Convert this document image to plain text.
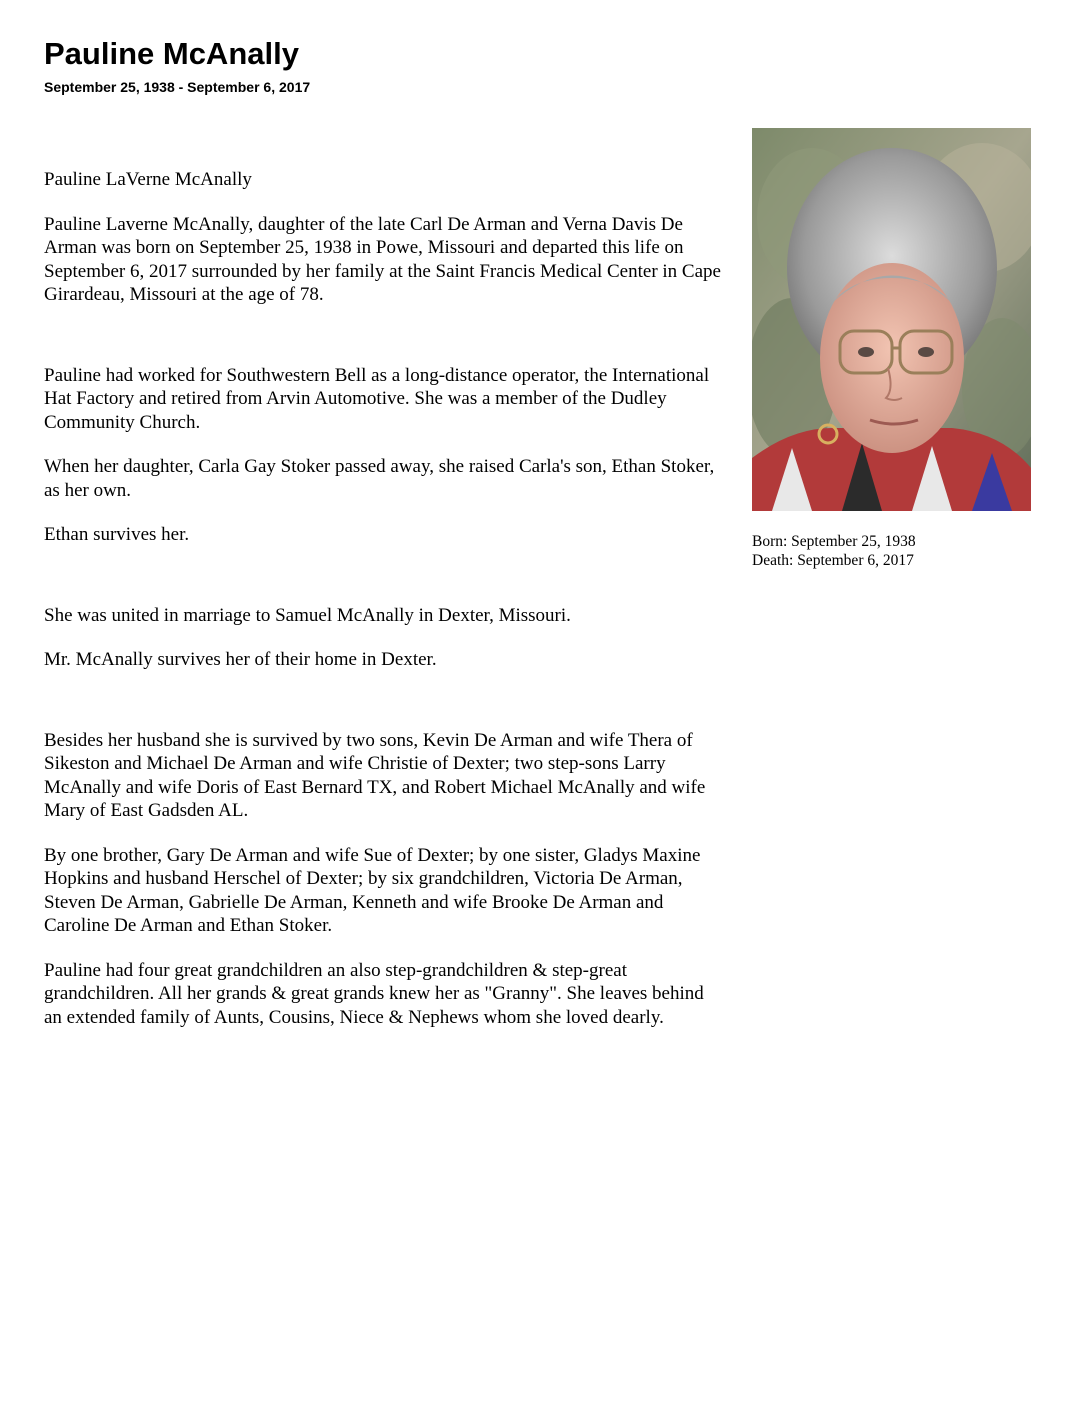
Pauline McAnally
September 25, 1938 - September 6, 2017

Pauline LaVerne McAnally

Pauline Laverne McAnally, daughter of the late Carl De Arman and Verna Davis De Arman was born on September 25, 1938 in Powe, Missouri and departed this life on September 6, 2017 surrounded by her family at the Saint Francis Medical Center in Cape Girardeau, Missouri at the age of 78.

Pauline had worked for Southwestern Bell as a long-distance operator, the International Hat Factory and retired from Arvin Automotive. She was a member of the Dudley Community Church.

When her daughter, Carla Gay Stoker passed away, she raised Carla's son, Ethan Stoker, as her own.

Ethan survives her.

She was united in marriage to Samuel McAnally in Dexter, Missouri.

Mr. McAnally survives her of their home in Dexter.

Besides her husband she is survived by two sons, Kevin De Arman and wife Thera of Sikeston and Michael De Arman and wife Christie of Dexter; two step-sons Larry McAnally and wife Doris of East Bernard TX, and Robert Michael McAnally and wife Mary of East Gadsden AL.

By one brother, Gary De Arman and wife Sue of Dexter; by one sister, Gladys Maxine Hopkins and husband Herschel of Dexter; by six grandchildren, Victoria De Arman, Steven De Arman, Gabrielle De Arman, Kenneth and wife Brooke De Arman and Caroline De Arman and Ethan Stoker.

Pauline had four great grandchildren an also step-grandchildren & step-great grandchildren. All her grands & great grands knew her as "Granny". She leaves behind an extended family of Aunts, Cousins, Niece & Nephews whom she loved dearly.

Born: September 25, 1938
Death: September 6, 2017
